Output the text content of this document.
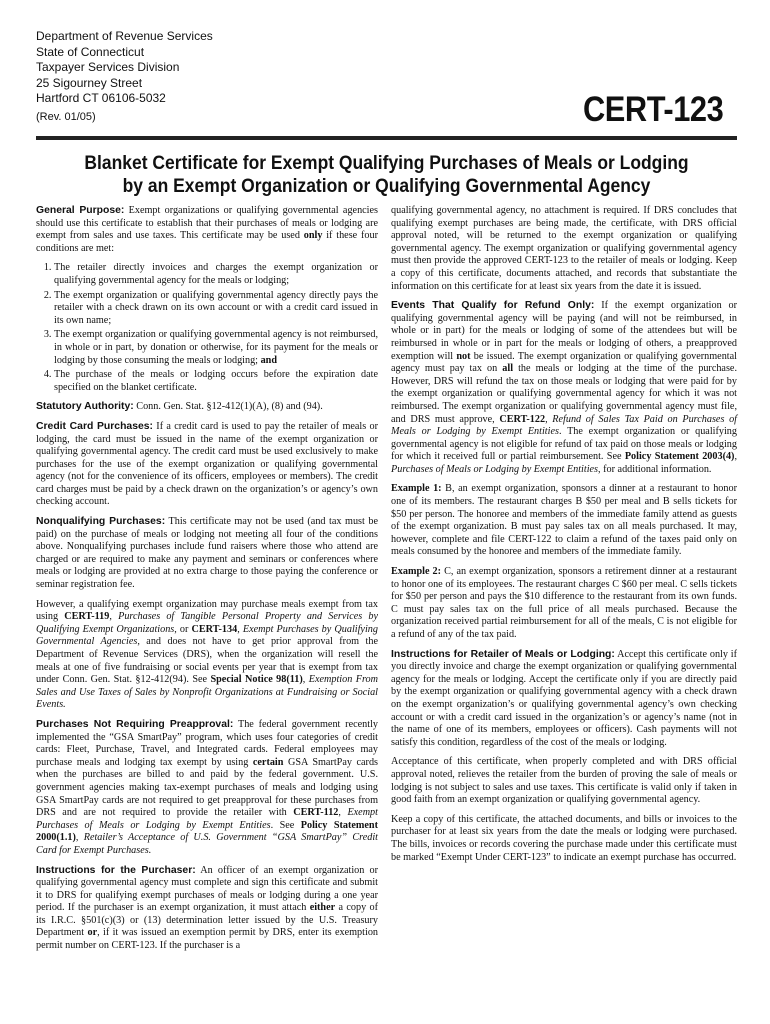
Department of Revenue Services
State of Connecticut
Taxpayer Services Division
25 Sigourney Street
Hartford CT 06106-5032
(Rev. 01/05)	CERT-123
Blanket Certificate for Exempt Qualifying Purchases of Meals or Lodging
by an Exempt Organization or Qualifying Governmental Agency

General Purpose: Exempt organizations or qualifying governmental agencies should use this certificate to establish that their purchases of meals or lodging are exempt from sales and use taxes. This certificate may be used only if these four conditions are met:

1. The retailer directly invoices and charges the exempt organization or qualifying governmental agency for the meals or lodging;
2. The exempt organization or qualifying governmental agency directly pays the retailer with a check drawn on its own account or with a credit card issued in its own name;
3. The exempt organization or qualifying governmental agency is not reimbursed, in whole or in part, by donation or otherwise, for its payment for the meals or lodging by those consuming the meals or lodging; and
4. The purchase of the meals or lodging occurs before the expiration date specified on the blanket certificate.

Statutory Authority: Conn. Gen. Stat. §12-412(1)(A), (8) and (94).

Credit Card Purchases: If a credit card is used to pay the retailer of meals or lodging, the card must be issued in the name of the exempt organization or qualifying governmental agency. The credit card must be used exclusively to make purchases for the use of the exempt organization or qualifying governmental agency (not for the convenience of its officers, employees or members). The credit card charges must be paid by a check drawn on the organization’s or agency’s own checking account.

Nonqualifying Purchases: This certificate may not be used (and tax must be paid) on the purchase of meals or lodging not meeting all four of the conditions above. Nonqualifying purchases include fund raisers where those who attend are charged or are required to make any payment and seminars or conferences where meals or lodging are provided at no extra charge to those paying the conference or seminar registration fee.

However, a qualifying exempt organization may purchase meals exempt from tax using CERT-119, Purchases of Tangible Personal Property and Services by Qualifying Exempt Organizations, or CERT-134, Exempt Purchases by Qualifying Governmental Agencies, and does not have to get prior approval from the Department of Revenue Services (DRS), when the organization will resell the meals at one of five fundraising or social events per year that is exempt from tax under Conn. Gen. Stat. §12-412(94). See Special Notice 98(11), Exemption From Sales and Use Taxes of Sales by Nonprofit Organizations at Fundraising or Social Events.

Purchases Not Requiring Preapproval: The federal government recently implemented the “GSA SmartPay” program, which uses four categories of credit cards: Fleet, Purchase, Travel, and Integrated cards. Federal employees may purchase meals and lodging tax exempt by using certain GSA SmartPay cards when the purchases are billed to and paid by the federal government. U.S. government agencies making tax-exempt purchases of meals and lodging using GSA SmartPay cards are not required to get preapproval for these purchases from DRS and are not required to provide the retailer with CERT-112, Exempt Purchases of Meals or Lodging by Exempt Entities. See Policy Statement 2000(1.1), Retailer’s Acceptance of U.S. Government “GSA SmartPay” Credit Card for Exempt Purchases.

Instructions for the Purchaser: An officer of an exempt organization or qualifying governmental agency must complete and sign this certificate and submit it to DRS for qualifying exempt purchases of meals or lodging during a one year period. If the purchaser is an exempt organization, it must attach either a copy of its I.R.C. §501(c)(3) or (13) determination letter issued by the U.S. Treasury Department or, if it was issued an exemption permit by DRS, enter its exemption permit number on CERT-123. If the purchaser is a

qualifying governmental agency, no attachment is required. If DRS concludes that qualifying exempt purchases are being made, the certificate, with DRS official approval noted, will be returned to the exempt organization or qualifying governmental agency. The exempt organization or qualifying governmental agency must then provide the approved CERT-123 to the retailer of meals or lodging. Keep a copy of this certificate, documents attached, and records that substantiate the information on this certificate for at least six years from the date it is issued.

Events That Qualify for Refund Only: If the exempt organization or qualifying governmental agency will be paying (and will not be reimbursed, in whole or in part) for the meals or lodging of some of the attendees but will be reimbursed in whole or in part for the meals or lodging of others, a preapproved exemption will not be issued. The exempt organization or qualifying governmental agency must pay tax on all the meals or lodging at the time of the purchase. However, DRS will refund the tax on those meals or lodging that were paid for by the exempt organization or qualifying governmental agency for which it was not reimbursed. The exempt organization or qualifying governmental agency must file, and DRS must approve, CERT-122, Refund of Sales Tax Paid on Purchases of Meals or Lodging by Exempt Entities. The exempt organization or qualifying governmental agency is not eligible for refund of tax paid on those meals or lodging for which it received full or partial reimbursement. See Policy Statement 2003(4), Purchases of Meals or Lodging by Exempt Entities, for additional information.

Example 1: B, an exempt organization, sponsors a dinner at a restaurant to honor one of its members. The restaurant charges B $50 per meal and B sells tickets for $50 per person. The honoree and members of the immediate family attend as guests of the exempt organization. B must pay sales tax on all meals purchased. It may, however, complete and file CERT-122 to claim a refund of the taxes paid only on meals consumed by the honoree and members of the immediate family.

Example 2: C, an exempt organization, sponsors a retirement dinner at a restaurant to honor one of its employees. The restaurant charges C $60 per meal. C sells tickets for $50 per person and pays the $10 difference to the restaurant from its own funds. C must pay sales tax on the full price of all meals purchased. Because the organization received partial reimbursement for all of the meals, C is not eligible for a refund of any of the tax paid.

Instructions for Retailer of Meals or Lodging: Accept this certificate only if you directly invoice and charge the exempt organization or qualifying governmental agency for the meals or lodging. Accept the certificate only if you are directly paid by the exempt organization or qualifying governmental agency with a check drawn on the exempt organization’s or qualifying governmental agency’s own checking account or with a credit card issued in the organization’s or agency’s name (not in the name of one of its members, employees or officers). Cash payments will not satisfy this condition, regardless of the cost of the meals or lodging.

Acceptance of this certificate, when properly completed and with DRS official approval noted, relieves the retailer from the burden of proving the sale of meals or lodging is not subject to sales and use taxes. This certificate is valid only if taken in good faith from an exempt organization or qualifying governmental agency.

Keep a copy of this certificate, the attached documents, and bills or invoices to the purchaser for at least six years from the date the meals or lodging were purchased. The bills, invoices or records covering the purchase made under this certificate must be marked “Exempt Under CERT-123” to indicate an exempt purchase has occurred.
